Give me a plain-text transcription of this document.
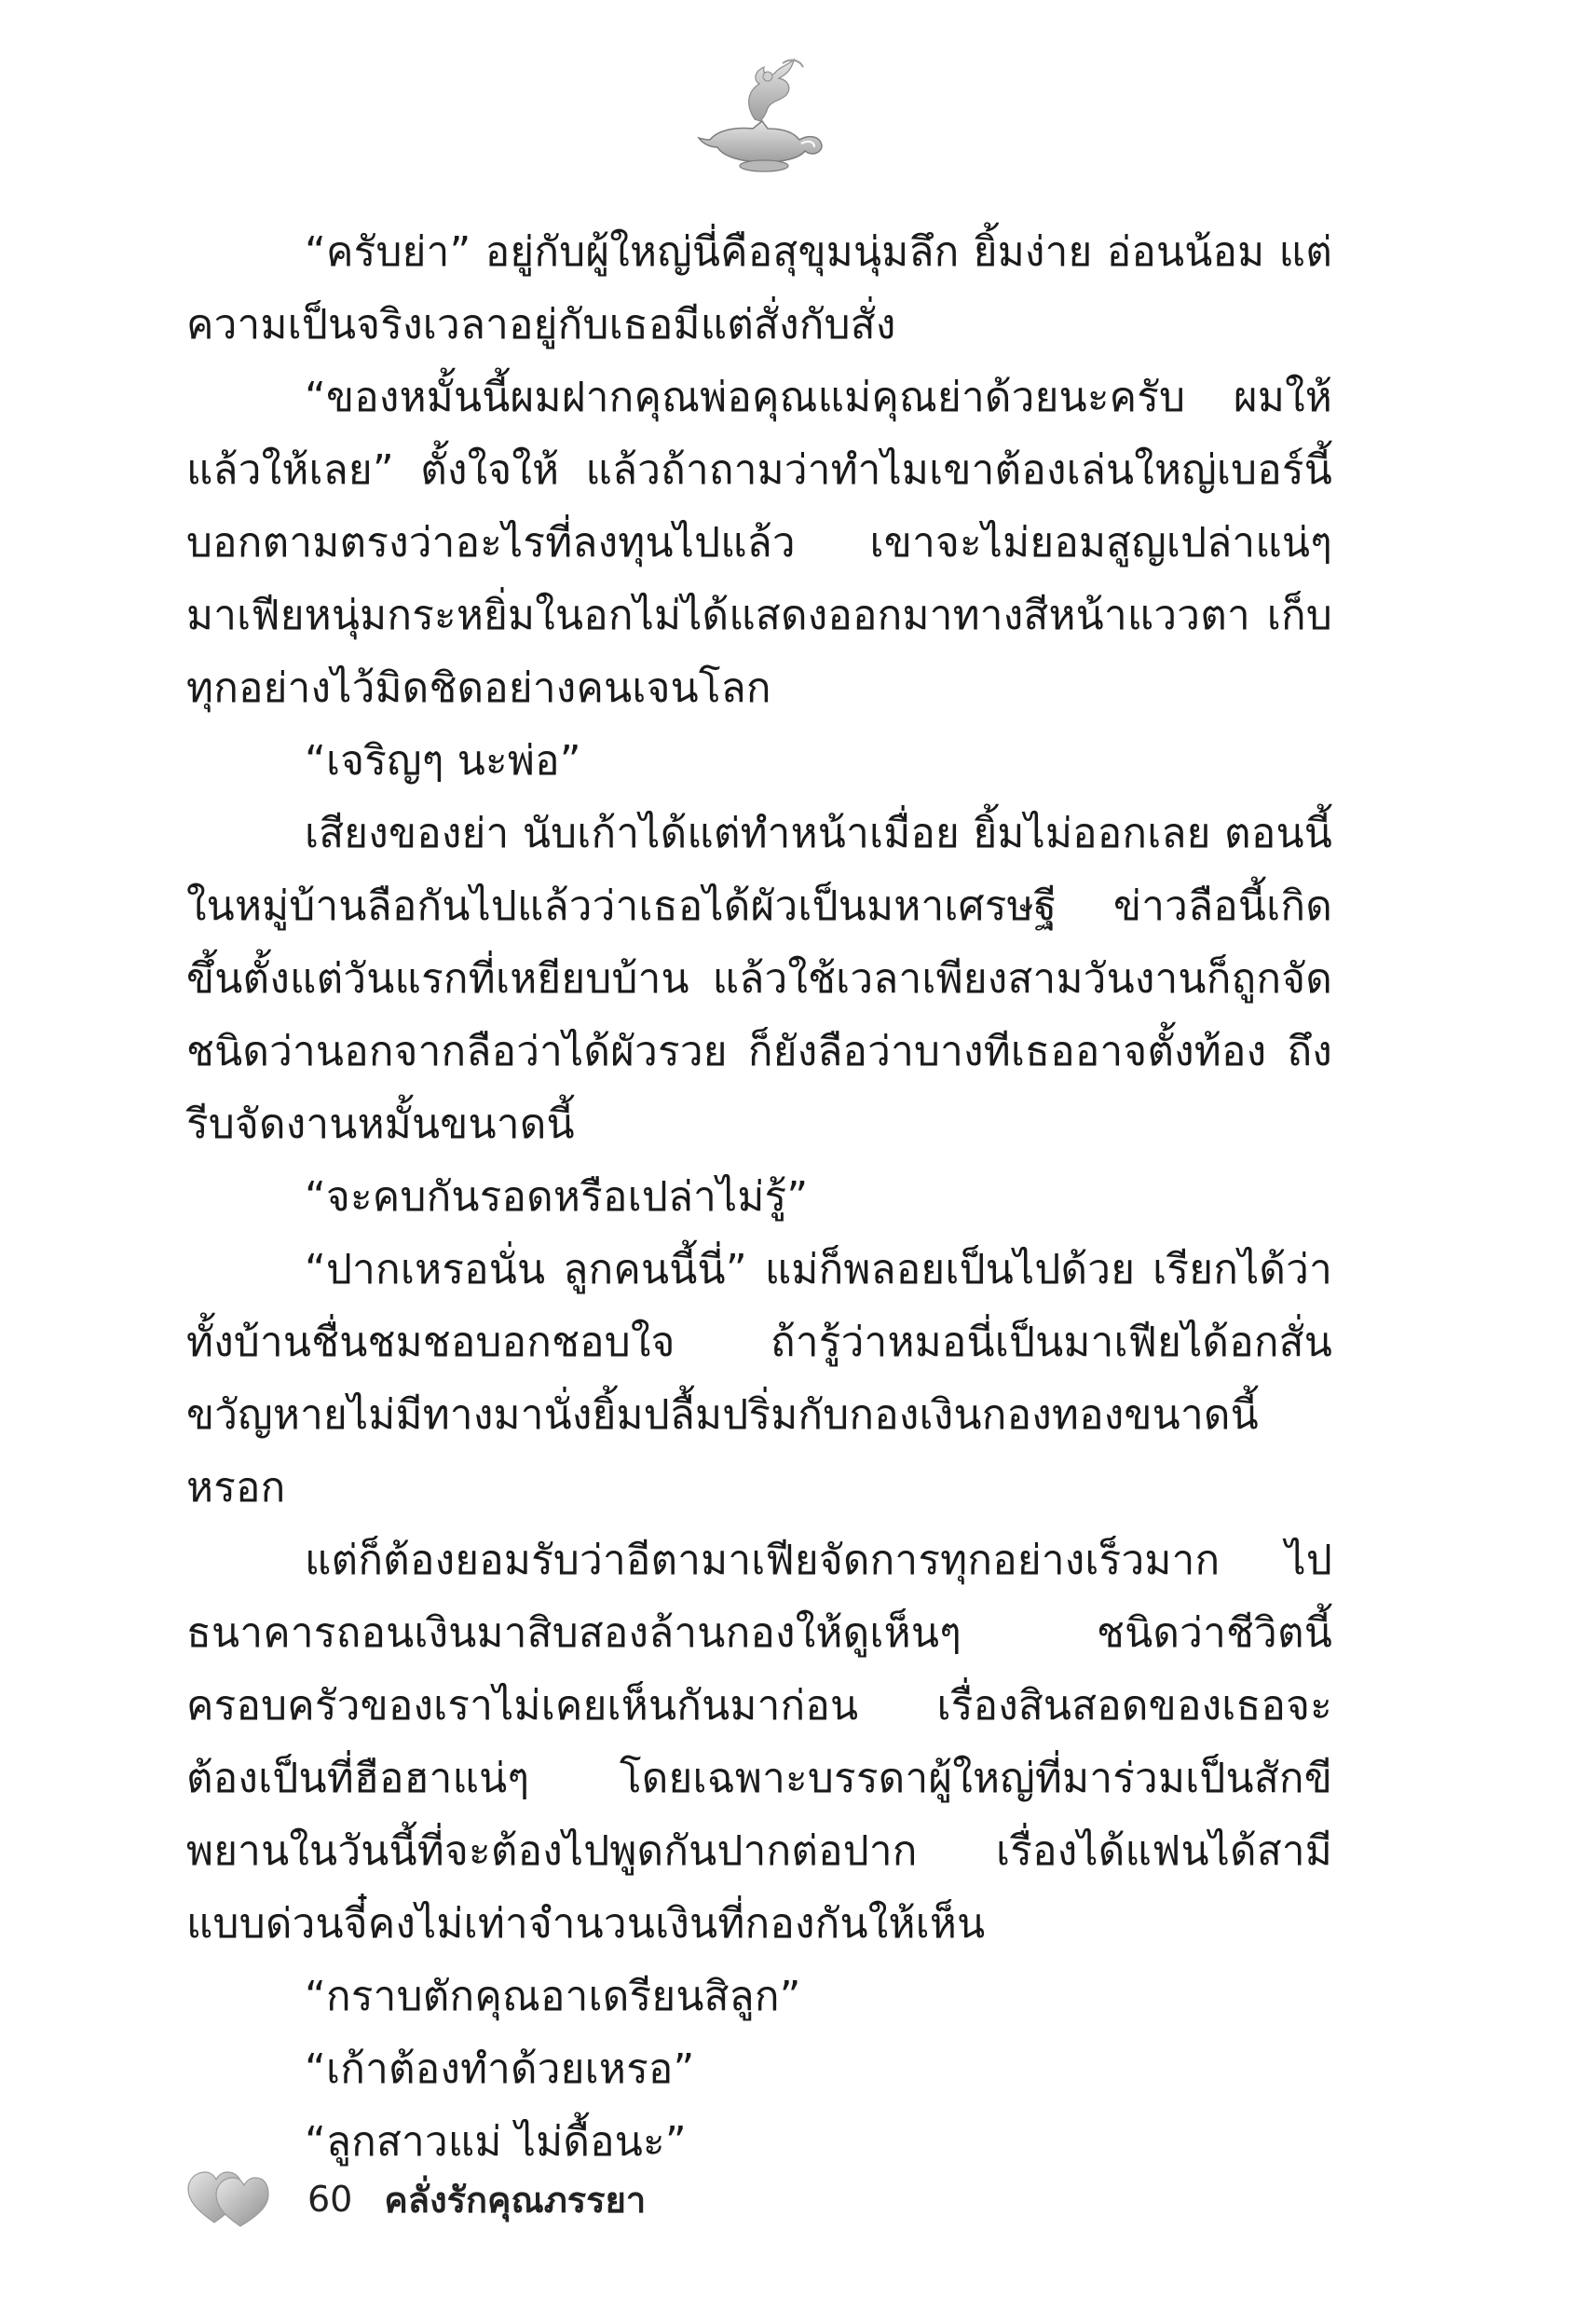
“ครับย่า” อยู่กับผู้ใหญ่นี่คือสุขุมนุ่มลึก ยิ้มง่าย อ่อนน้อม แต่ความเป็นจริงเวลาอยู่กับเธอมีแต่สั่งกับสั่ง

“ของหมั้นนี้ผมฝากคุณพ่อคุณแม่คุณย่าด้วยนะครับ ผมให้แล้วให้เลย” ตั้งใจให้ แล้วถ้าถามว่าทำไมเขาต้องเล่นใหญ่เบอร์นี้ บอกตามตรงว่าอะไรที่ลงทุนไปแล้ว เขาจะไม่ยอมสูญเปล่าแน่ๆ มาเฟียหนุ่มกระหยิ่มในอกไม่ได้แสดงออกมาทางสีหน้าแววตา เก็บทุกอย่างไว้มิดชิดอย่างคนเจนโลก

“เจริญๆ นะพ่อ”

เสียงของย่า นับเก้าได้แต่ทำหน้าเมื่อย ยิ้มไม่ออกเลย ตอนนี้ในหมู่บ้านลือกันไปแล้วว่าเธอได้ผัวเป็นมหาเศรษฐี ข่าวลือนี้เกิดขึ้นตั้งแต่วันแรกที่เหยียบบ้าน แล้วใช้เวลาเพียงสามวันงานก็ถูกจัดชนิดว่านอกจากลือว่าได้ผัวรวย ก็ยังลือว่าบางทีเธออาจตั้งท้อง ถึงรีบจัดงานหมั้นขนาดนี้

“จะคบกันรอดหรือเปล่าไม่รู้”

“ปากเหรอนั่น ลูกคนนี้นี่” แม่ก็พลอยเป็นไปด้วย เรียกได้ว่าทั้งบ้านชื่นชมชอบอกชอบใจ ถ้ารู้ว่าหมอนี่เป็นมาเฟียได้อกสั่นขวัญหายไม่มีทางมานั่งยิ้มปลื้มปริ่มกับกองเงินกองทองขนาดนี้หรอก

แต่ก็ต้องยอมรับว่าอีตามาเฟียจัดการทุกอย่างเร็วมาก ไปธนาคารถอนเงินมาสิบสองล้านกองให้ดูเห็นๆ ชนิดว่าชีวิตนี้ครอบครัวของเราไม่เคยเห็นกันมาก่อน เรื่องสินสอดของเธอจะต้องเป็นที่ฮือฮาแน่ๆ โดยเฉพาะบรรดาผู้ใหญ่ที่มาร่วมเป็นสักขีพยานในวันนี้ที่จะต้องไปพูดกันปากต่อปาก เรื่องได้แฟนได้สามีแบบด่วนจี๋คงไม่เท่าจำนวนเงินที่กองกันให้เห็น

“กราบตักคุณอาเดรียนสิลูก”

“เก้าต้องทำด้วยเหรอ”

“ลูกสาวแม่ ไม่ดื้อนะ”

60 คลั่งรักคุณภรรยา
